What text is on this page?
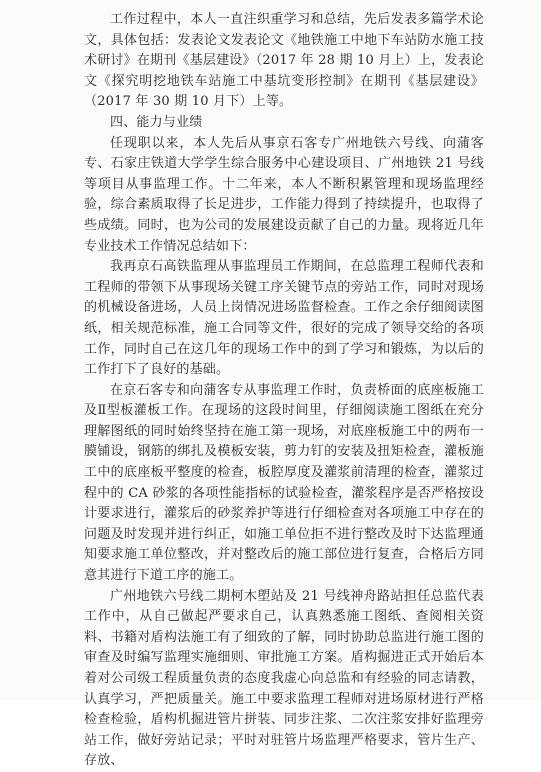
工作过程中，本人一直注织重学习和总结，先后发表多篇学术论文，具体包括：发表论文发表论文《地铁施工中地下车站防水施工技术研讨》在期刊《基层建设》（2017 年 28 期 10 月上）上，发表论文《探究明挖地铁车站施工中基坑变形控制》在期刊《基层建设》（2017 年 30 期 10 月下）上等。

四、能力与业绩

任现职以来，本人先后从事京石客专广州地铁六号线、向蒲客专、石家庄铁道大学学生综合服务中心建设项目、广州地铁 21 号线等项目从事监理工作。十二年来，本人不断积累管理和现场监理经验，综合素质取得了长足进步，工作能力得到了持续提升，也取得了些成绩。同时，也为公司的发展建设贡献了自己的力量。现将近几年专业技术工作情况总结如下：

我再京石高铁监理从事监理员工作期间，在总监理工程师代表和工程师的带领下从事现场关键工序关键节点的旁站工作，同时对现场的机械设备进场，人员上岗情况进场监督检查。工作之余仔细阅读图纸，相关规范标准，施工合同等文件，很好的完成了领导交给的各项工作，同时自己在这几年的现场工作中的到了学习和锻炼，为以后的工作打下了良好的基础。

在京石客专和向蒲客专从事监理工作时，负责桥面的底座板施工及Ⅱ型板灌板工作。在现场的这段时间里，仔细阅读施工图纸在充分理解图纸的同时始终坚持在施工第一现场，对底座板施工中的两布一膜铺设，钢筋的绑扎及模板安装，剪力钉的安装及扭矩检查，灌板施工中的底座板平整度的检查，板腔厚度及灌浆前清理的检查，灌浆过程中的 CA 砂浆的各项性能指标的试验检查，灌浆程序是否严格按设计要求进行，灌浆后的砂浆养护等进行仔细检查对各项施工中存在的问题及时发现并进行纠正，如施工单位拒不进行整改及时下达监理通知要求施工单位整改，并对整改后的施工部位进行复查，合格后方同意其进行下道工序的施工。

广州地铁六号线二期柯木塱站及 21 号线神舟路站担任总监代表工作中，从自己做起严要求自己，认真熟悉施工图纸、查阅相关资料、书籍对盾构法施工有了细致的了解，同时协助总监进行施工图的审查及时编写监理实施细则、审批施工方案。盾构掘进正式开始后本着对公司级工程质量负责的态度我虚心向总监和有经验的同志请教，认真学习，严把质量关。施工中要求监理工程师对进场原材进行严格检查检验，盾构机掘进管片拼装、同步注浆、二次注浆安排好监理旁站工作，做好旁站记录；平时对驻管片场监理严格要求，管片生产、存放、
